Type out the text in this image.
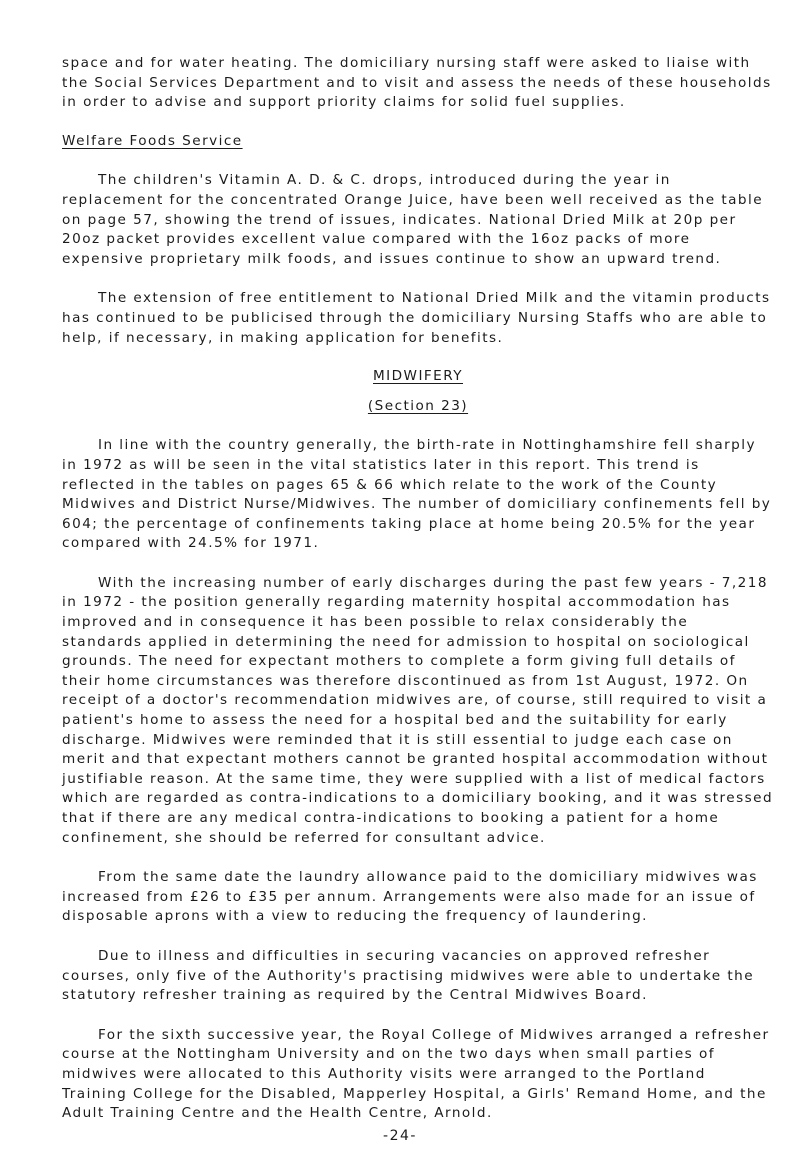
space and for water heating. The domiciliary nursing staff were asked to liaise with the Social Services Department and to visit and assess the needs of these households in order to advise and support priority claims for solid fuel supplies.

Welfare Foods Service

The children's Vitamin A. D. & C. drops, introduced during the year in replacement for the concentrated Orange Juice, have been well received as the table on page 57, showing the trend of issues, indicates. National Dried Milk at 20p per 20oz packet provides excellent value compared with the 16oz packs of more expensive proprietary milk foods, and issues continue to show an upward trend.

The extension of free entitlement to National Dried Milk and the vitamin products has continued to be publicised through the domiciliary Nursing Staffs who are able to help, if necessary, in making application for benefits.

MIDWIFERY

(Section 23)

In line with the country generally, the birth-rate in Nottinghamshire fell sharply in 1972 as will be seen in the vital statistics later in this report. This trend is reflected in the tables on pages 65 & 66 which relate to the work of the County Midwives and District Nurse/Midwives. The number of domiciliary confinements fell by 604; the percentage of confinements taking place at home being 20.5% for the year compared with 24.5% for 1971.

With the increasing number of early discharges during the past few years - 7,218 in 1972 - the position generally regarding maternity hospital accommodation has improved and in consequence it has been possible to relax considerably the standards applied in determining the need for admission to hospital on sociological grounds. The need for expectant mothers to complete a form giving full details of their home circumstances was therefore discontinued as from 1st August, 1972. On receipt of a doctor's recommendation midwives are, of course, still required to visit a patient's home to assess the need for a hospital bed and the suitability for early discharge. Midwives were reminded that it is still essential to judge each case on merit and that expectant mothers cannot be granted hospital accommodation without justifiable reason. At the same time, they were supplied with a list of medical factors which are regarded as contra-indications to a domiciliary booking, and it was stressed that if there are any medical contra-indications to booking a patient for a home confinement, she should be referred for consultant advice.

From the same date the laundry allowance paid to the domiciliary midwives was increased from £26 to £35 per annum. Arrangements were also made for an issue of disposable aprons with a view to reducing the frequency of laundering.

Due to illness and difficulties in securing vacancies on approved refresher courses, only five of the Authority's practising midwives were able to undertake the statutory refresher training as required by the Central Midwives Board.

For the sixth successive year, the Royal College of Midwives arranged a refresher course at the Nottingham University and on the two days when small parties of midwives were allocated to this Authority visits were arranged to the Portland Training College for the Disabled, Mapperley Hospital, a Girls' Remand Home, and the Adult Training Centre and the Health Centre, Arnold.

-24-
